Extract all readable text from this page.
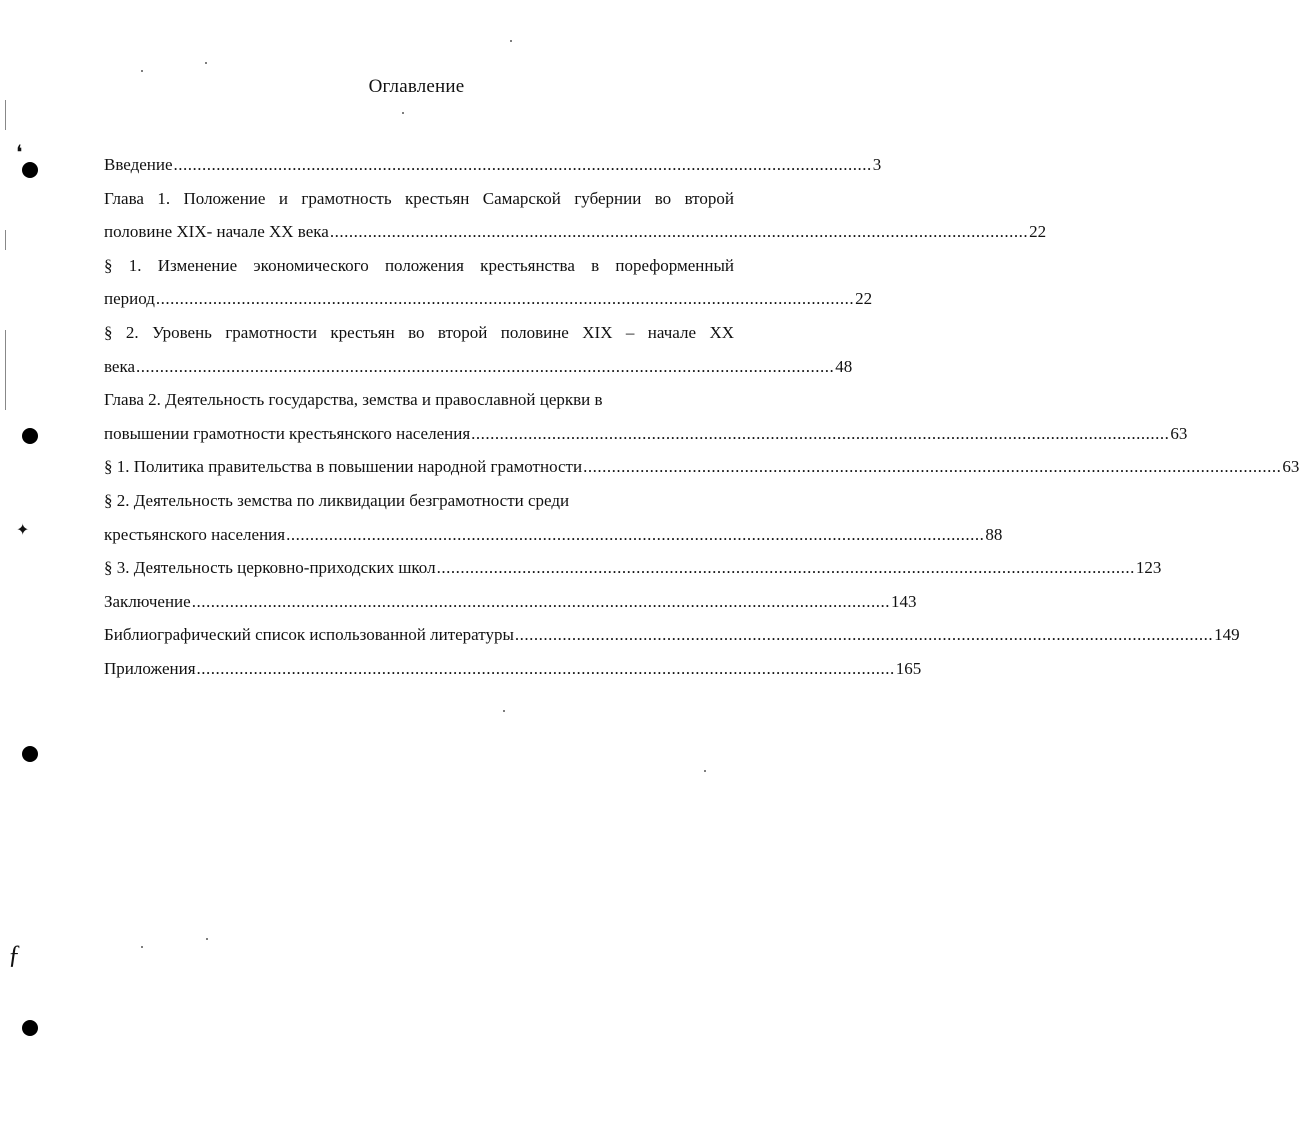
❛
✦
ƒ
Оглавление
Введение ................................................................................................................................................... 3
Глава 1. Положение и грамотность крестьян Самарской губернии во второй
половине XIX- начале XX века ................................................................................................................................................... 22
§ 1. Изменение экономического положения крестьянства в пореформенный
период ................................................................................................................................................... 22
§ 2. Уровень грамотности крестьян во второй половине XIX – начале XX
века ................................................................................................................................................... 48
Глава 2. Деятельность государства, земства и православной церкви в
повышении грамотности крестьянского населения ................................................................................................................................................... 63
§ 1. Политика правительства в повышении народной грамотности ................................................................................................................................................... 63
§ 2. Деятельность земства по ликвидации безграмотности среди
крестьянского населения ................................................................................................................................................... 88
§ 3. Деятельность церковно-приходских школ ................................................................................................................................................... 123
Заключение ................................................................................................................................................... 143
Библиографический список использованной литературы ................................................................................................................................................... 149
Приложения ................................................................................................................................................... 165
